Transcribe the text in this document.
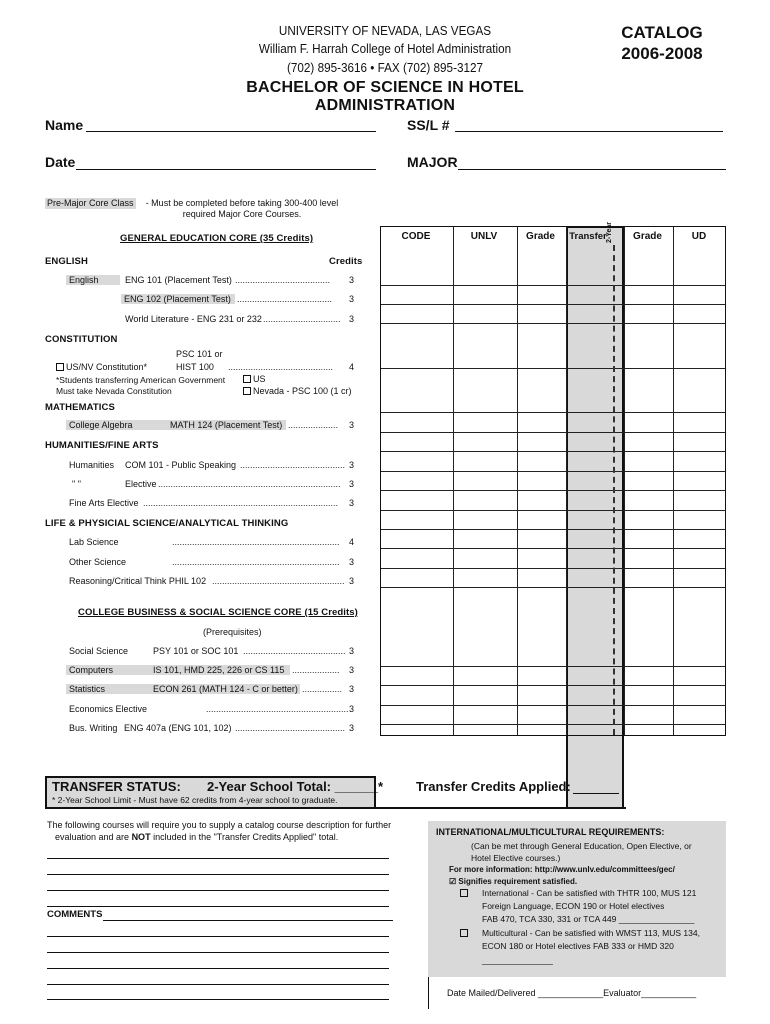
UNIVERSITY OF NEVADA, LAS VEGAS
William F. Harrah College of Hotel Administration
(702) 895-3616 • FAX (702) 895-3127
CATALOG
2006-2008
BACHELOR OF SCIENCE IN HOTEL ADMINISTRATION
Name	SS/L #
Date	MAJOR
Pre-Major Core Class	- Must be completed before taking 300-400 level required Major Core Courses.
GENERAL EDUCATION CORE (35 Credits)
ENGLISH	Credits
English	ENG 101 (Placement Test) ...................................... 3
ENG 102 (Placement Test) ...................................... 3
World Literature - ENG 231 or 232 ............................... 3
CONSTITUTION
PSC 101 or
US/NV Constitution*	HIST 100 .......................................... 4
*Students transferring American Government
Must take Nevada Constitution
US
Nevada - PSC 100 (1 cr)
MATHEMATICS
College Algebra	MATH 124 (Placement Test) .................... 3
HUMANITIES/FINE ARTS
Humanities COM 101 - Public Speaking .......................................... 3
" "	Elective ......................................................................... 3
Fine Arts Elective .............................................................................. 3
LIFE & PHYSICIAL SCIENCE/ANALYTICAL THINKING
Lab Science	................................................................... 4
Other Science	................................................................... 3
Reasoning/Critical Think PHIL 102 ..................................................... 3
COLLEGE BUSINESS & SOCIAL SCIENCE CORE (15 Credits)
(Prerequisites)
Social Science	PSY 101 or SOC 101 ......................................... 3
Computers	IS 101, HMD 225, 226 or CS 115 ................... 3
Statistics	ECON 261 (MATH 124 - C or better) ................ 3
Economics Elective	......................................................... 3
Bus. Writing ENG 407a (ENG 101, 102) ............................................ 3
CODE	UNLV	Grade	Transfer 2-Year	Grade	UD
TRANSFER STATUS: 2-Year School Total: ______*	Transfer Credits Applied:
* 2-Year School Limit - Must have 62 credits from 4-year school to graduate.
The following courses will require you to supply a catalog course description for further
evaluation and are NOT included in the "Transfer Credits Applied" total.
COMMENTS
INTERNATIONAL/MULTICULTURAL REQUIREMENTS:
(Can be met through General Education, Open Elective, or
Hotel Elective courses.)
For more information: http://www.unlv.edu/committees/gec/
☑ Signifies requirement satisfied.
International - Can be satisfied with THTR 100, MUS 121
Foreign Language, ECON 190 or Hotel electives
FAB 470, TCA 330, 331 or TCA 449 ________________
Multicultural - Can be satisfied with WMST 113, MUS 134,
ECON 180 or Hotel electives FAB 333 or HMD 320
_______________
Date Mailed/Delivered _____________Evaluator___________
